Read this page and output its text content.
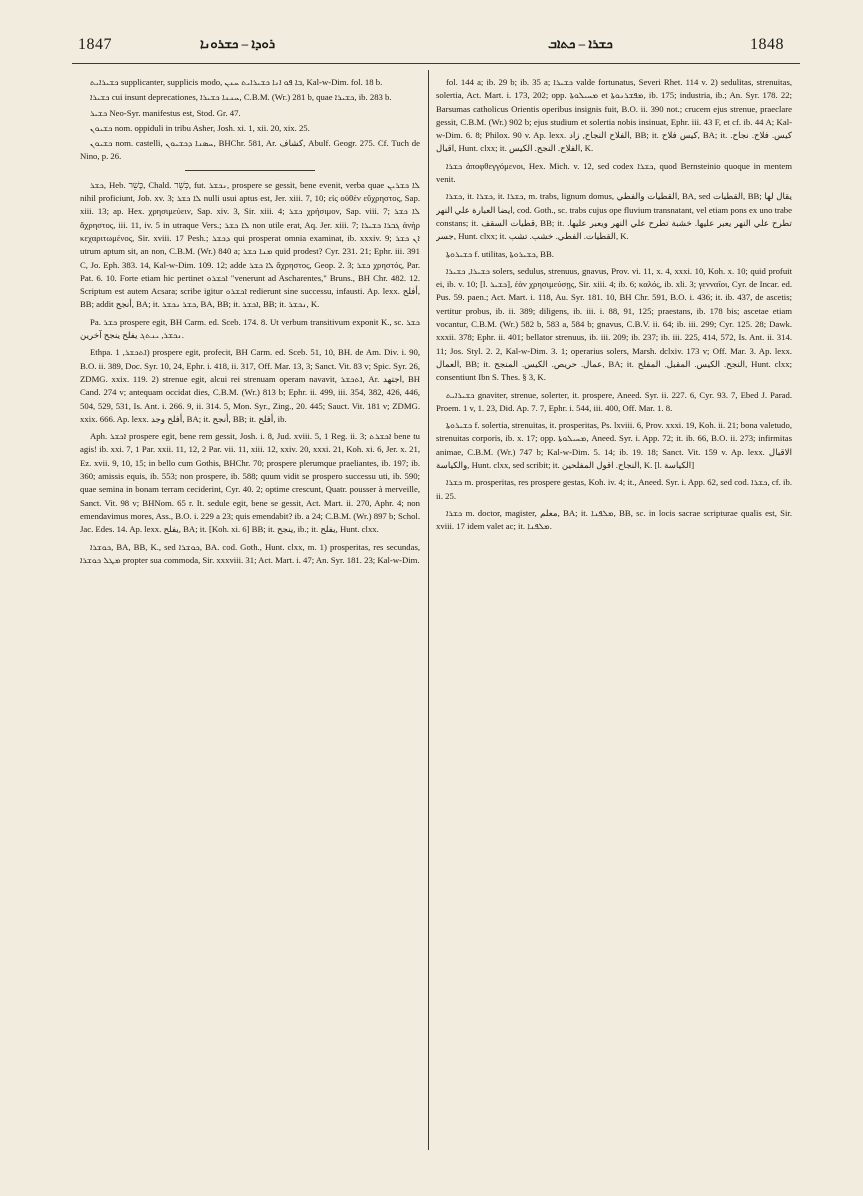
1847	ܪܘܕܐ – ܟܫܪܘܢܐ	ܟܫܪܐ – ܟܬܐܒ	1848

ܟܫܝܪܐܝܬ supplicanter, supplicis modo, ܒܐ ܦܘ ܐܢܐ ܟܫܝܪܐܝܬ ܚܢܢ, Kal-w-Dim. fol. 18 b.

ܟܫܝܪܐ cui insunt deprecationes, ܚܢܢܐ ܟܫܝܪܐ, C.B.M. (Wr.) 281 b, quae ܟܫܝܪܐ, ib. 283 b.

ܟܫܝܪ Neo-Syr. manifestus est, Stod. Gr. 47.

ܟܫܝܘܢ nom. oppiduli in tribu Asher, Josh. xi. 1, xii. 20, xix. 25.

ܟܫܝܘܢ nom. castelli, ܚܣܢܐ ܕܟܫܝܘܢ, BHChr. 581, Ar. كشاف, Abulf. Geogr. 275. Cf. Tuch de Nino, p. 26.

ܟܫܪ, Heb. כָּשֵׁר, Chald. כְּשֵׁר, fut. ܢܟܫܪ, prospere se gessit, bene evenit, verba quae ܠܐ ܟܫܪܝܢ nihil proficiunt, Job. xv. 3; ܠܐ ܟܫܪ nulli usui aptus est, Jer. xiii. 7, 10; εἰς οὐθὲν εὔχρηστος, Sap. xiii. 13; ap. Hex. χρησιμεύειν, Sap. xiv. 3, Sir. xiii. 4; ܟܫܪ χρήσιμον, Sap. viii. 7; ܠܐ ܟܫܪ ἄχρηστος, iii. 11, iv. 5 in utraque Vers.; ܠܐ ܟܫܪ non utile erat, Aq. Jer. xiii. 7; ܓܒܪܐ ܟܫܝܪܐ ἀνὴρ κεχαριτωμένος, Sir. xviii. 17 Pesh.; ܕܟܫܪ qui prosperat omnia examinat, ib. xxxiv. 9; ܐܢ ܟܫܪ utrum aptum sit, an non, C.B.M. (Wr.) 840 a; ܡܢܐ ܟܫܪ quid prodest? Cyr. 231. 21; Ephr. iii. 391 C, Jo. Eph. 383. 14, Kal-w-Dim. 109. 12; adde ܠܐ ܟܫܪ ἄχρηστος, Geop. 2. 3; ܟܫܪ χρηστός, Par. Pat. 6. 10. Forte etiam hic pertinet ܐܟܫܪܘ "venerunt ad Ascharentes," Bruns., BH Chr. 482. 12. Scriptum est autem Acsara; scribe igitur ܐܟܫܪܘ redierunt sine successu, infausti. Ap. lexx. أفلح, BB; addit أنجح, BA; it. ܟܫܪ ܢܟܫܪ, BA, BB; it. ܐܟܫܪ, BB; it. ܢܟܫܪ, K.

Pa. ܟܫܪ prospere egit, BH Carm. ed. Sceb. 174. 8. Ut verbum transitivum exponit K., sc. ܟܫܪ ܢܟܫܪ, ܝܢܬܓ يفلح ينجح آخرين.

Ethpa. ܐܬܟܫܪ, 1) prospere egit, profecit, BH Carm. ed. Sceb. 51, 10, BH. de Am. Div. i. 90, B.O. ii. 389, Doc. Syr. 10, 24, Ephr. i. 418, ii. 317, Off. Mar. 13, 3; Sanct. Vit. 83 v; Spic. Syr. 26, ZDMG. xxix. 119. 2) strenue egit, alcui rei strenuam operam navavit, ܐܬܟܫܪ, Ar. اجتهد, BH Cand. 274 v; antequam occidat dies, C.B.M. (Wr.) 813 b; Ephr. ii. 499, iii. 354, 382, 426, 446, 504, 529, 531, Is. Ant. i. 266. 9, ii. 314. 5, Mon. Syr., Zing., 20. 445; Sauct. Vit. 181 v; ZDMG. xxix. 666. Ap. lexx. أفلح وجد, BA; it. أنجح, BB; it. أفلح, ib.

Aph. ܐܟܫܪ prospere egit, bene rem gessit, Josh. i. 8, Jud. xviii. 5, 1 Reg. ii. 3; ܐܟܫܪܬ bene tu agis! ib. xxi. 7, 1 Par. xxii. 11, 12, 2 Par. vii. 11, xiii. 12, xxiv. 20, xxxi. 21, Koh. xi. 6, Jer. x. 21, Ez. xvii. 9, 10, 15; in bello cum Gothis, BHChr. 70; prospere plerumque praeliantes, ib. 197; ib. 360; amissis equis, ib. 553; non prospere, ib. 588; quum vidit se prospero successu uti, ib. 590; quae semina in bonam terram ceciderint, Cyr. 40. 2; optime crescunt, Quatr. pousser à merveille, Sanct. Vit. 98 v; BHNom. 65 r. It. sedule egit, bene se gessit, Act. Mart. ii. 270, Aphr. 4; non emendavimus mores, Ass., B.O. i. 229 a 23; quis emendabit? ib. a 24; C.B.M. (Wr.) 897 b; Schol. Jac. Edes. 14. Ap. lexx. يفلح, BA; it. [Koh. xi. 6] BB; it. ينجح, ib.; it. يفلح, Hunt. clxx.

ܟܘܫܪܐ, BA, BB, K., sed ܟܘܫܪܐ, BA. cod. Goth., Hunt. clxx, m. 1) prosperitas, res secundas, ܡܛܠ ܟܘܫܪܐ propter sua commoda, Sir. xxxviii. 31; Act. Mart. i. 47; An. Syr. 181. 23; Kal-w-Dim.

fol. 144 a; ib. 29 b; ib. 35 a; ܟܫܝܪܐ valde fortunatus, Severi Rhet. 114 v. 2) sedulitas, strenuitas, solertia, Act. Mart. i. 173, 202; opp. ܡܚܝܠܘܬܐ et ܡܦܫܪܢܘܬܐ, ib. 175; industria, ib.; An. Syr. 178. 22; Barsumas catholicus Orientis operibus insignis fuit, B.O. ii. 390 not.; crucem ejus strenue, praeclare gessit, C.B.M. (Wr.) 902 b; ejus studium et solertia nobis insinuat, Ephr. iii. 43 F, et cf. ib. 44 A; Kal-w-Dim. 6. 8; Philox. 90 v. Ap. lexx. الفلاح النجاح, زاد, BB; it. كيس فلاح, BA; it. كيس. فلاح. نجاح. اقبال, Hunt. clxx; it. الفلاح. النجح. الكيس, K.

ܟܫܪܐ ἀποφθεγγόμενοι, Hex. Mich. v. 12, sed codex ܟܫܪܐ, quod Bernsteinio quoque in mentem venit.

ܟܫܪܐ, it. ܟܫܪܐ, it. ܟܫܪܐ, m. trabs, lignum domus, القطيات والفطي, BA, sed القطيات, BB; يقال لها ايضا العبارة علي النهر, cod. Goth., sc. trabs cujus ope fluvium transnatant, vel etiam pons ex uno trabe constans; it. قطيات السقف, BB; it. تطرح علي النهر يعبر عليها. خشبة تطرح علي النهر ويعبر عليها. جسر, Hunt. clxx; it. القطيات. الفطي. خشب. تشب, K.

ܟܫܝܪܘܬܐ f. utilitas, ܟܫܝܪܘܬܐ, BB.

ܟܫܝܪܐ, ܟܫܝܪܐ solers, sedulus, strenuus, gnavus, Prov. vi. 11, x. 4, xxxi. 10, Koh. x. 10; quid profuit ei, ib. v. 10; [l. ܟܫܝܪ], ἐὰν χρησιμεύσῃς, Sir. xiii. 4; ib. 6; καλός, ib. xli. 3; γενναῖοι, Cyr. de Incar. ed. Pus. 59. paen.; Act. Mart. i. 118, Au. Syr. 181. 10, BH Chr. 591, B.O. i. 436; it. ib. 437, de ascetis; vertitur probus, ib. ii. 389; diligens, ib. iii. i. 88, 91, 125; praestans, ib. 178 bis; ascetae etiam vocantur, C.B.M. (Wr.) 582 b, 583 a, 584 b; gnavus, C.B.V. ii. 64; ib. iii. 299; Cyr. 125. 28; Dawk. xxxii. 378; Ephr. ii. 401; bellator strenuus, ib. iii. 209; ib. 237; ib. iii. 225, 414, 572, Is. Ant. ii. 314. 11; Jos. Styl. 2. 2, Kal-w-Dim. 3. 1; operarius solers, Marsh. dclxiv. 173 v; Off. Mar. 3. Ap. lexx. العمال, BB; it. عمال. حريص. الكيس. المنجح, BA; it. النجح. الكيس. المقبل. المفلح, Hunt. clxx; consentiunt Ibn S. Thes. § 3, K.

ܟܫܝܪܐܝܬ gnaviter, strenue, solerter, it. prospere, Aneed. Syr. ii. 227. 6, Cyr. 93. 7, Ebed J. Parad. Proem. 1 v, 1. 23, Did. Ap. 7. 7, Ephr. i. 544, iii. 400, Off. Mar. 1. 8.

ܟܫܝܪܘܬܐ f. solertia, strenuitas, it. prosperitas, Ps. lxviii. 6, Prov. xxxi. 19, Koh. ii. 21; bona valetudo, strenuitas corporis, ib. x. 17; opp. ܡܚܝܠܘܬܐ, Aneed. Syr. i. App. 72; it. ib. 66, B.O. ii. 273; infirmitas animae, C.B.M. (Wr.) 747 b; Kal-w-Dim. 5. 14; ib. 19. 18; Sanct. Vit. 159 v. Ap. lexx. الاقبال والكياسة, Hunt. clxx, sed scribit; it. النجاح. اقول المفلحين, K. [l. الكياسة]

ܟܫܪܐ m. prosperitas, res prospere gestas, Koh. iv. 4; it., Aneed. Syr. i. App. 62, sed cod. ܟܫܪܐ, cf. ib. ii. 25.

ܟܫܪܐ m. doctor, magister, معلم, BA; it. ܡܠܦܢܐ, BB, sc. in locis sacrae scripturae qualis est, Sir. xviii. 17 idem valet ac; it. ܡܠܦܢܐ.
